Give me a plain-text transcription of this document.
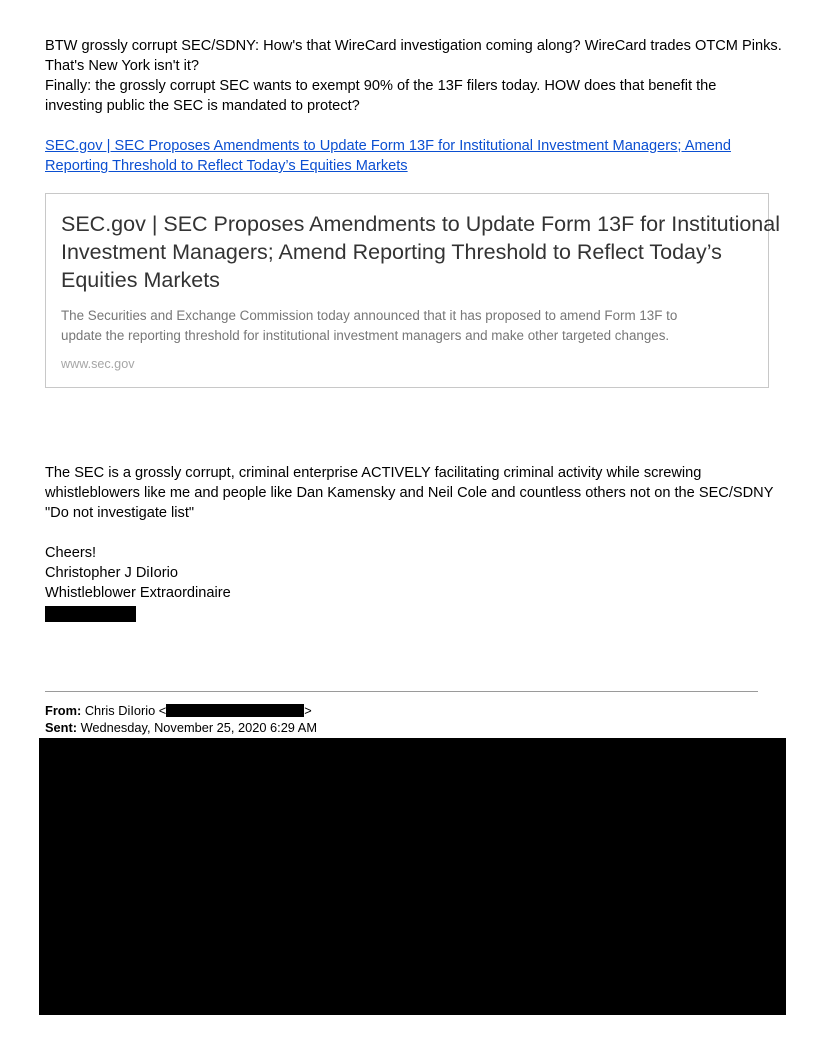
BTW grossly corrupt SEC/SDNY: How's that WireCard investigation coming along? WireCard trades OTCM Pinks.
That's New York isn't it?
Finally: the grossly corrupt SEC wants to exempt 90% of the 13F filers today. HOW does that benefit the
investing public the SEC is mandated to protect?
SEC.gov | SEC Proposes Amendments to Update Form 13F for Institutional Investment Managers; Amend
Reporting Threshold to Reflect Today’s Equities Markets
SEC.gov | SEC Proposes Amendments to Update Form 13F for Institutional
Investment Managers; Amend Reporting Threshold to Reflect Today’s
Equities Markets
The Securities and Exchange Commission today announced that it has proposed to amend Form 13F to
update the reporting threshold for institutional investment managers and make other targeted changes.
www.sec.gov
The SEC is a grossly corrupt, criminal enterprise ACTIVELY facilitating criminal activity while screwing
whistleblowers like me and people like Dan Kamensky and Neil Cole and countless others not on the SEC/SDNY
"Do not investigate list"
Cheers!
Christopher J DiIorio
Whistleblower Extraordinaire
From: Chris DiIorio <	>
Sent: Wednesday, November 25, 2020 6:29 AM
